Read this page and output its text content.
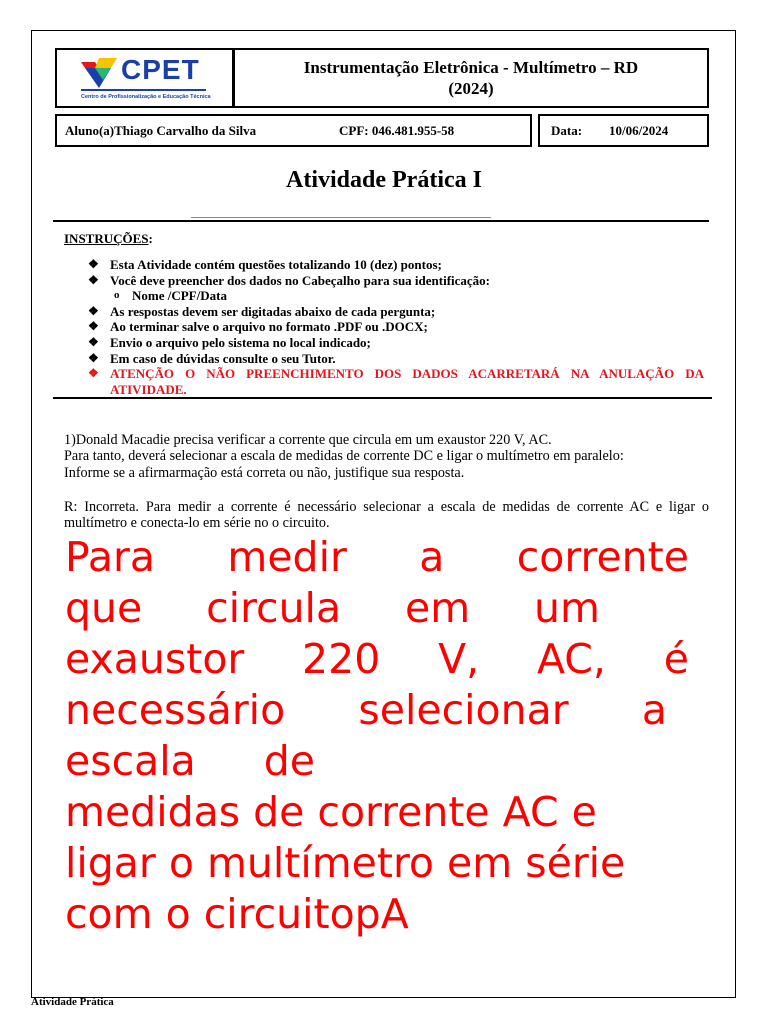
CPET
Centro de Profissionalização e Educação Técnica
Instrumentação Eletrônica - Multímetro – RD
(2024)
Aluno(a)Thiago Carvalho da Silva	CPF: 046.481.955-58	Data: 10/06/2024
Atividade Prática I
INSTRUÇÕES:
❖ Esta Atividade contém questões totalizando 10 (dez) pontos;
❖ Você deve preencher dos dados no Cabeçalho para sua identificação:
o Nome /CPF/Data
❖ As respostas devem ser digitadas abaixo de cada pergunta;
❖ Ao terminar salve o arquivo no formato .PDF ou .DOCX;
❖ Envio o arquivo pelo sistema no local indicado;
❖ Em caso de dúvidas consulte o seu Tutor.
❖ ATENÇÃO O NÃO PREENCHIMENTO DOS DADOS ACARRETARÁ NA ANULAÇÃO DA ATIVIDADE.
1)Donald Macadie precisa verificar a corrente que circula em um exaustor 220 V, AC.
Para tanto, deverá selecionar a escala de medidas de corrente DC e ligar o multímetro em paralelo:
Informe se a afirmarmação está correta ou não, justifique sua resposta.
R: Incorreta. Para medir a corrente é necessário selecionar a escala de medidas de corrente AC e ligar o multímetro e conecta-lo em série no o circuito.
Para medir a corrente
que circula em um
exaustor 220 V, AC, é
necessário selecionar a
escala de
medidas de corrente AC e
ligar o multímetro em série
com o circuitopA
Atividade Prática
